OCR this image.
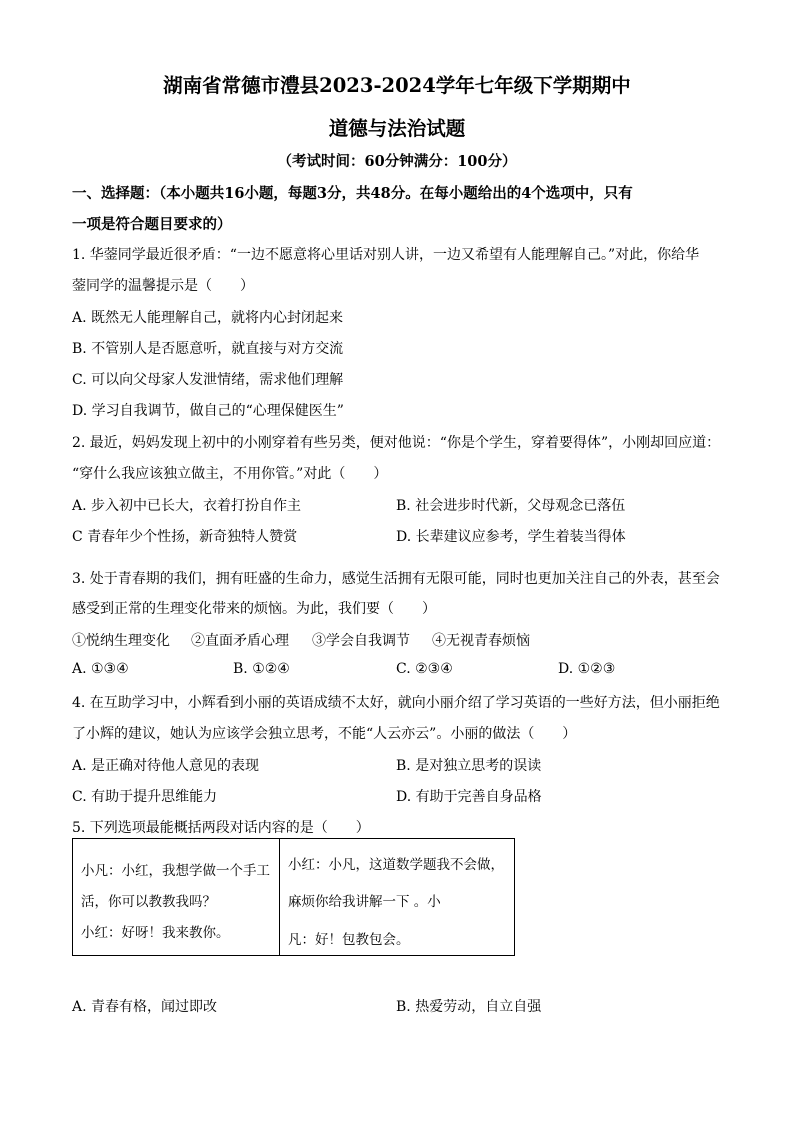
湖南省常德市澧县2023-2024学年七年级下学期期中
道德与法治试题
（考试时间：60分钟满分：100分）
一、选择题：（本小题共16小题，每题3分，共48分。在每小题给出的4个选项中，只有
一项是符合题目要求的）
1. 华蓥同学最近很矛盾：“一边不愿意将心里话对别人讲，一边又希望有人能理解自己。”对此，你给华
蓥同学的温馨提示是（　　）
A. 既然无人能理解自己，就将内心封闭起来
B. 不管别人是否愿意听，就直接与对方交流
C. 可以向父母家人发泄情绪，需求他们理解
D. 学习自我调节，做自己的“心理保健医生”
2. 最近，妈妈发现上初中的小刚穿着有些另类，便对他说：“你是个学生，穿着要得体”，小刚却回应道：
“穿什么我应该独立做主，不用你管。”对此（　　）
A. 步入初中已长大，衣着打扮自作主	B. 社会进步时代新，父母观念已落伍
C 青春年少个性扬，新奇独特人赞赏	D. 长辈建议应参考，学生着装当得体
3. 处于青春期的我们，拥有旺盛的生命力，感觉生活拥有无限可能，同时也更加关注自己的外表，甚至会
感受到正常的生理变化带来的烦恼。为此，我们要（　　）
①悦纳生理变化 ②直面矛盾心理 ③学会自我调节 ④无视青春烦恼
A. ①③④	B. ①②④	C. ②③④	D. ①②③
4. 在互助学习中，小辉看到小丽的英语成绩不太好，就向小丽介绍了学习英语的一些好方法，但小丽拒绝
了小辉的建议，她认为应该学会独立思考，不能“人云亦云”。小丽的做法（　　）
A. 是正确对待他人意见的表现	B. 是对独立思考的误读
C. 有助于提升思维能力	D. 有助于完善自身品格
5. 下列选项最能概括两段对话内容的是（　　）
小凡：小红，我想学做一个手工
活，你可以教教我吗？
小红：好呀！我来教你。

小红：小凡，这道数学题我不会做，
麻烦你给我讲解一下 。小
凡：好！包教包会。
A. 青春有格，闻过即改	B. 热爱劳动，自立自强
